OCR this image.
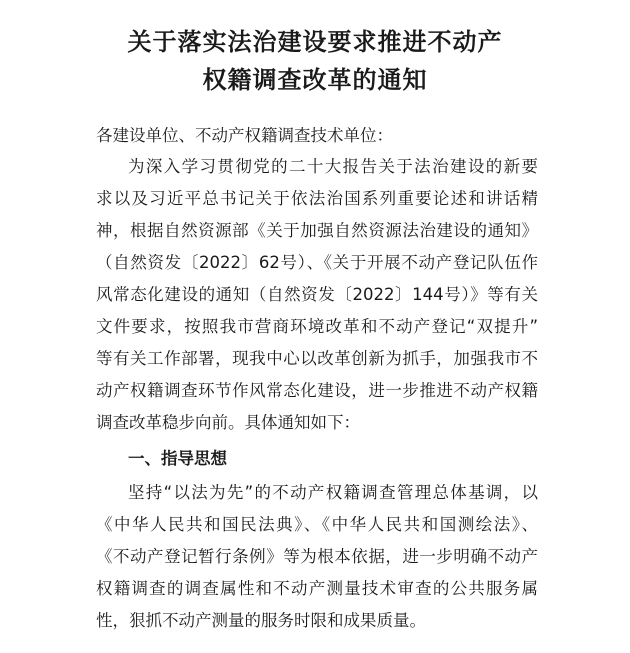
关于落实法治建设要求推进不动产
权籍调查改革的通知
各建设单位、不动产权籍调查技术单位：
为深入学习贯彻党的二十大报告关于法治建设的新要
求以及习近平总书记关于依法治国系列重要论述和讲话精
神，根据自然资源部《关于加强自然资源法治建设的通知》
（自然资发〔2022〕62号）、《关于开展不动产登记队伍作
风常态化建设的通知（自然资发〔2022〕144号）》等有关
文件要求，按照我市营商环境改革和不动产登记“双提升”
等有关工作部署，现我中心以改革创新为抓手，加强我市不
动产权籍调查环节作风常态化建设，进一步推进不动产权籍
调查改革稳步向前。具体通知如下：
一、指导思想
坚持“以法为先”的不动产权籍调查管理总体基调，以
《中华人民共和国民法典》、《中华人民共和国测绘法》、
《不动产登记暂行条例》等为根本依据，进一步明确不动产
权籍调查的调查属性和不动产测量技术审查的公共服务属
性，狠抓不动产测量的服务时限和成果质量。
